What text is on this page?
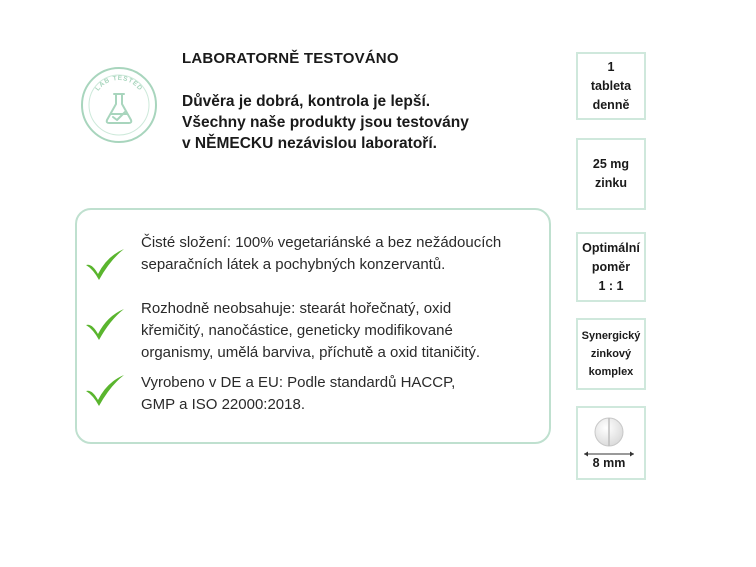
LAB TESTED
LABORATORNĚ TESTOVÁNO
Důvěra je dobrá, kontrola je lepší.
Všechny naše produkty jsou testovány
v NĚMECKU nezávislou laboratoří.
Čisté složení: 100% vegetariánské a bez nežádoucích
separačních látek a pochybných konzervantů.
Rozhodně neobsahuje: stearát hořečnatý, oxid
křemičitý, nanočástice, geneticky modifikované
organismy, umělá barviva, příchutě a oxid titaničitý.
Vyrobeno v DE a EU: Podle standardů HACCP,
GMP a ISO 22000:2018.
1
tableta
denně
25 mg
zinku
Optimální
poměr
1 : 1
Synergický
zinkový
komplex
8 mm
